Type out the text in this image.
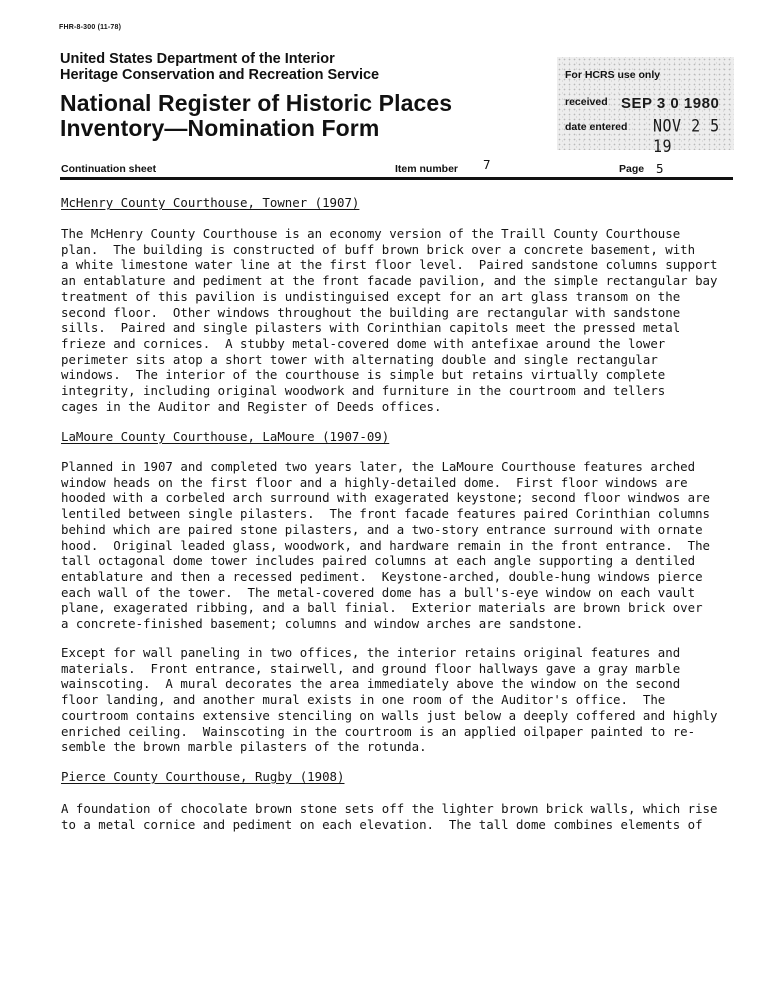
FHR-8-300 (11-78)
United States Department of the Interior
Heritage Conservation and Recreation Service
National Register of Historic Places
Inventory—Nomination Form
For HCRS use only
received SEP 3 0 1980
date entered NOV 2 5 19
Continuation sheet	Item number 7	Page 5
McHenry County Courthouse, Towner (1907)
The McHenry County Courthouse is an economy version of the Traill County Courthouse
plan.  The building is constructed of buff brown brick over a concrete basement, with
a white limestone water line at the first floor level.  Paired sandstone columns support
an entablature and pediment at the front facade pavilion, and the simple rectangular bay
treatment of this pavilion is undistinguised except for an art glass transom on the
second floor.  Other windows throughout the building are rectangular with sandstone
sills.  Paired and single pilasters with Corinthian capitols meet the pressed metal
frieze and cornices.  A stubby metal-covered dome with antefixae around the lower
perimeter sits atop a short tower with alternating double and single rectangular
windows.  The interior of the courthouse is simple but retains virtually complete
integrity, including original woodwork and furniture in the courtroom and tellers
cages in the Auditor and Register of Deeds offices.
LaMoure County Courthouse, LaMoure (1907-09)
Planned in 1907 and completed two years later, the LaMoure Courthouse features arched
window heads on the first floor and a highly-detailed dome.  First floor windows are
hooded with a corbeled arch surround with exagerated keystone; second floor windwos are
lentiled between single pilasters.  The front facade features paired Corinthian columns
behind which are paired stone pilasters, and a two-story entrance surround with ornate
hood.  Original leaded glass, woodwork, and hardware remain in the front entrance.  The
tall octagonal dome tower includes paired columns at each angle supporting a dentiled
entablature and then a recessed pediment.  Keystone-arched, double-hung windows pierce
each wall of the tower.  The metal-covered dome has a bull's-eye window on each vault
plane, exagerated ribbing, and a ball finial.  Exterior materials are brown brick over
a concrete-finished basement; columns and window arches are sandstone.
Except for wall paneling in two offices, the interior retains original features and
materials.  Front entrance, stairwell, and ground floor hallways gave a gray marble
wainscoting.  A mural decorates the area immediately above the window on the second
floor landing, and another mural exists in one room of the Auditor's office.  The
courtroom contains extensive stenciling on walls just below a deeply coffered and highly
enriched ceiling.  Wainscoting in the courtroom is an applied oilpaper painted to re-
semble the brown marble pilasters of the rotunda.
Pierce County Courthouse, Rugby (1908)
A foundation of chocolate brown stone sets off the lighter brown brick walls, which rise
to a metal cornice and pediment on each elevation.  The tall dome combines elements of
